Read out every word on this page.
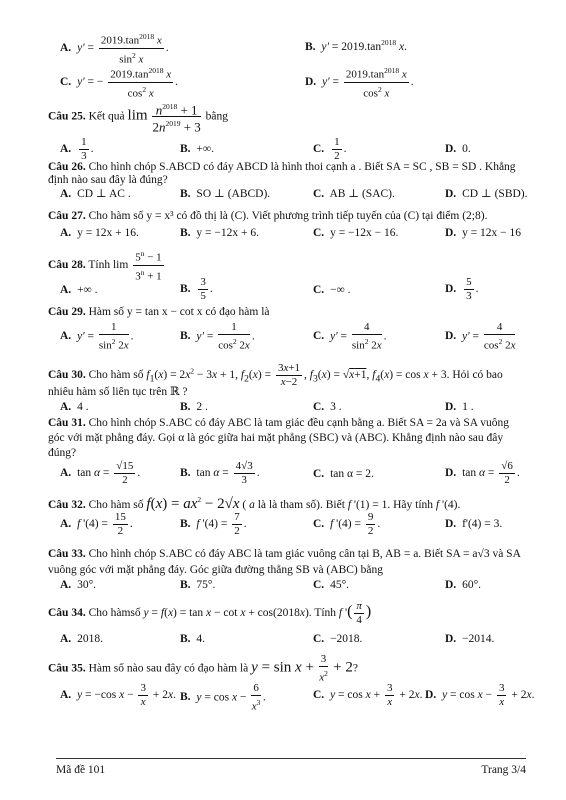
A. $y' = \frac{2019.\tan^{2018} x}{\sin^2 x}$ .	B. $y' = 2019.\tan^{2018}$ x.
C. y' = − $\frac{2019.\tan^{2018} x}{\cos^2 x}$ .	D. $y' = \frac{2019.\tan^{2018} x}{\cos^2 x}$ .
Câu 25. Kết quả $\lim \frac{n^{2018} + 1}{2n^{2019} + 3}$ bằng
A. $\frac{1}{3}$ .	B. +∞.	C. $\frac{1}{2}$ .	D. 0.
Câu 26. Cho hình chóp S.ABCD có đáy ABCD là hình thoi cạnh a . Biết SA = SC , SB = SD . Khẳng
định nào sau đây là đúng?
A. CD ⊥ AC .	B. SO ⊥ (ABCD).	C. AB ⊥ (SAC).	D. CD ⊥ (SBD).
Câu 27. Cho hàm số y = x³ có đồ thị là (C). Viết phương trình tiếp tuyến của (C) tại điểm (2;8).
A. y = 12x + 16.	B. y = −12x + 6.	C. y = −12x − 16.	D. y = 12x − 16
Câu 28. Tính $\lim \frac{5^n - 1}{3^n + 1}$
A. +∞ .	B. $\frac{3}{5}$ .	C. −∞ .	D. $\frac{5}{3}$ .
Câu 29. Hàm số y = tan x − cot x có đạo hàm là
A. $y' = \frac{1}{\sin^2 2x}$ .	B. $y' = \frac{1}{\cos^2 2x}$ .	C. $y' = \frac{4}{\sin^2 2x}$ .	D. $y' = \frac{4}{\cos^2 2x}$
Câu 30. Cho hàm số $f_1(x) = 2x^2 - 3x + 1$, $f_2(x) = \frac{3x+1}{x-2}$ , $f_3(x) = √x+1$, $f_4(x) = \cos x + 3$. Hỏi có bao
nhiêu hàm số liên tục trên ℝ ?
A. 4 .	B. 2 .	C. 3 .	D. 1 .
Câu 31. Cho hình chóp S.ABC có đáy ABC là tam giác đều cạnh bằng a. Biết SA = 2a và SA vuông
góc với mặt phẳng đáy. Gọi α là góc giữa hai mặt phẳng (SBC) và (ABC). Khẳng định nào sau đây
đúng?
A. $\tan \alpha = \frac{√15}{2}$ .	B. $\tan \alpha = \frac{4√3}{3}$ .	C. tan α = 2.	D. $\tan \alpha = \frac{√6}{2}$ .
Câu 32. Cho hàm số $f(x) = ax^2 - 2√x$ ( a là là tham số). Biết f '(1) = 1. Hãy tính f '(4).
A. f '$(4) = \frac{15}{2}$ .	B. f '$(4) = \frac{7}{2}$ .	C. f '$(4) = \frac{9}{2}$ .	D. f'(4) = 3.
Câu 33. Cho hình chóp S.ABC có đáy ABC là tam giác vuông cân tại B, AB = a. Biết SA = a√3 và SA
vuông góc với mặt phẳng đáy. Góc giữa đường thẳng SB và (ABC) bằng
A. 30°.	B. 75°.	C. 45°.	D. 60°.
Câu 34. Cho hàmsố y = f(x) = tan x − cot x + cos(2018x). Tính f '( $\frac{\pi}{4}$ )
A. 2018.	B. 4.	C. −2018.	D. −2014.
Câu 35. Hàm số nào sau đây có đạo hàm là $y = \sin x + \frac{3}{x^2} + 2$?
A. y = −cos $x - \frac{3}{x} + 2x$. B. $y = \cos x - \frac{6}{x^3}$ .	C. $y = \cos x + \frac{3}{x} + 2x$. D. $y = \cos x - \frac{3}{x} + 2x$.
Mã đề 101	Trang 3/4
